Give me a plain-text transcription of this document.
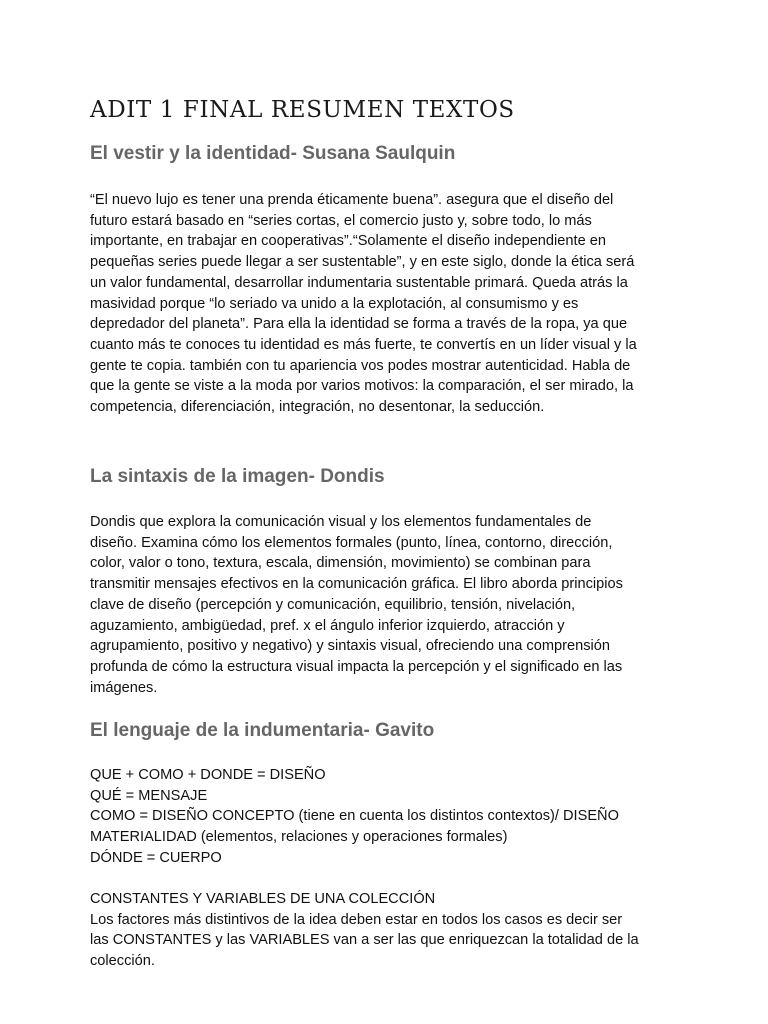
ADIT 1 FINAL RESUMEN TEXTOS
El vestir y la identidad- Susana Saulquin
“El nuevo lujo es tener una prenda éticamente buena”. asegura que el diseño del
futuro estará basado en “series cortas, el comercio justo y, sobre todo, lo más
importante, en trabajar en cooperativas”.“Solamente el diseño independiente en
pequeñas series puede llegar a ser sustentable”, y en este siglo, donde la ética será
un valor fundamental, desarrollar indumentaria sustentable primará. Queda atrás la
masividad porque “lo seriado va unido a la explotación, al consumismo y es
depredador del planeta”. Para ella la identidad se forma a través de la ropa, ya que
cuanto más te conoces tu identidad es más fuerte, te convertís en un líder visual y la
gente te copia. también con tu apariencia vos podes mostrar autenticidad. Habla de
que la gente se viste a la moda por varios motivos: la comparación, el ser mirado, la
competencia, diferenciación, integración, no desentonar, la seducción.
La sintaxis de la imagen- Dondis
Dondis que explora la comunicación visual y los elementos fundamentales de
diseño. Examina cómo los elementos formales (punto, línea, contorno, dirección,
color, valor o tono, textura, escala, dimensión, movimiento) se combinan para
transmitir mensajes efectivos en la comunicación gráfica. El libro aborda principios
clave de diseño (percepción y comunicación, equilibrio, tensión, nivelación,
aguzamiento, ambigüedad, pref. x el ángulo inferior izquierdo, atracción y
agrupamiento, positivo y negativo) y sintaxis visual, ofreciendo una comprensión
profunda de cómo la estructura visual impacta la percepción y el significado en las
imágenes.
El lenguaje de la indumentaria- Gavito
QUE + COMO + DONDE = DISEÑO
QUÉ = MENSAJE
COMO = DISEÑO CONCEPTO (tiene en cuenta los distintos contextos)/ DISEÑO
MATERIALIDAD (elementos, relaciones y operaciones formales)
DÓNDE = CUERPO
CONSTANTES Y VARIABLES DE UNA COLECCIÓN
Los factores más distintivos de la idea deben estar en todos los casos es decir ser
las CONSTANTES y las VARIABLES van a ser las que enriquezcan la totalidad de la
colección.
